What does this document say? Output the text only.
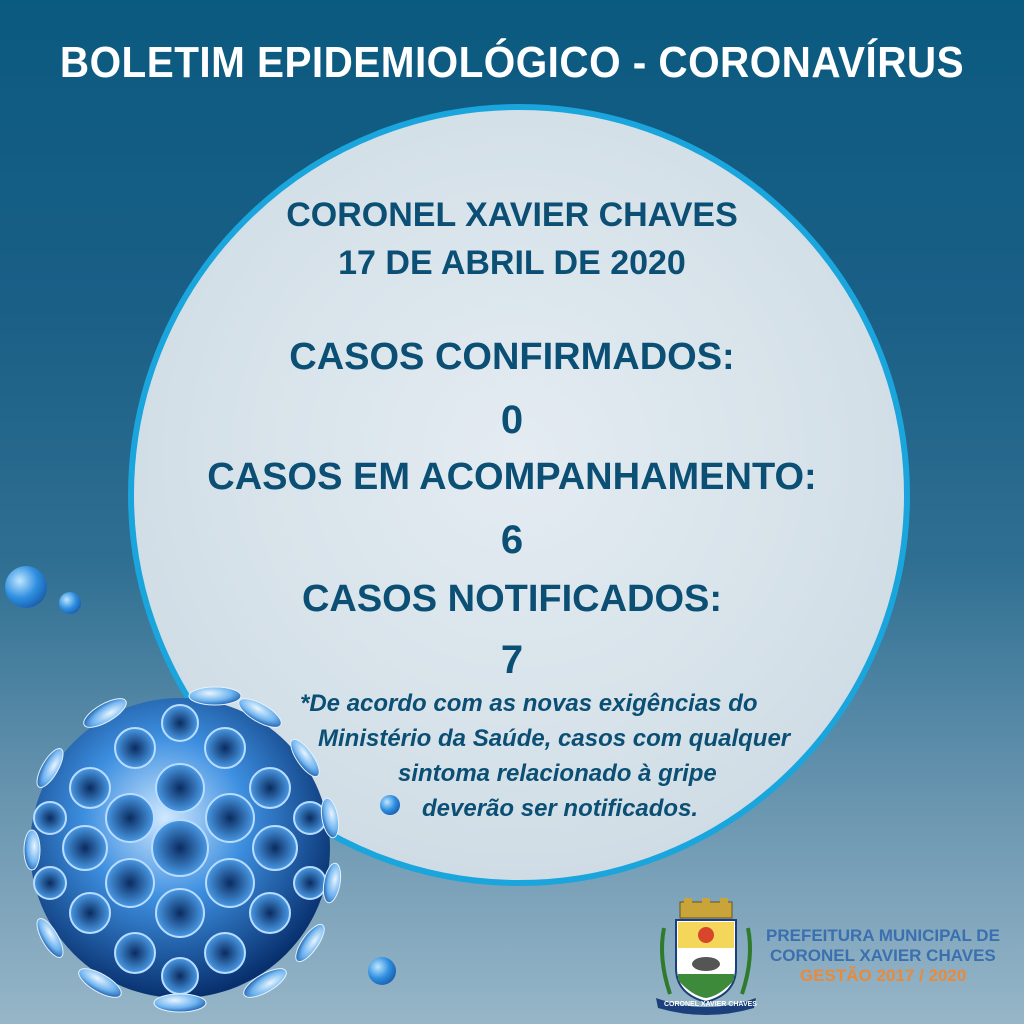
BOLETIM EPIDEMIOLÓGICO - CORONAVÍRUS
CORONEL XAVIER CHAVES
17 DE ABRIL DE 2020
CASOS CONFIRMADOS:
0
CASOS EM ACOMPANHAMENTO:
6
CASOS NOTIFICADOS:
7
*De acordo com as novas exigências do
Ministério da Saúde, casos com qualquer
sintoma relacionado à gripe
deverão ser notificados.
CORONEL XAVIER CHAVES
PREFEITURA MUNICIPAL DE
CORONEL XAVIER CHAVES
GESTÃO 2017 / 2020
